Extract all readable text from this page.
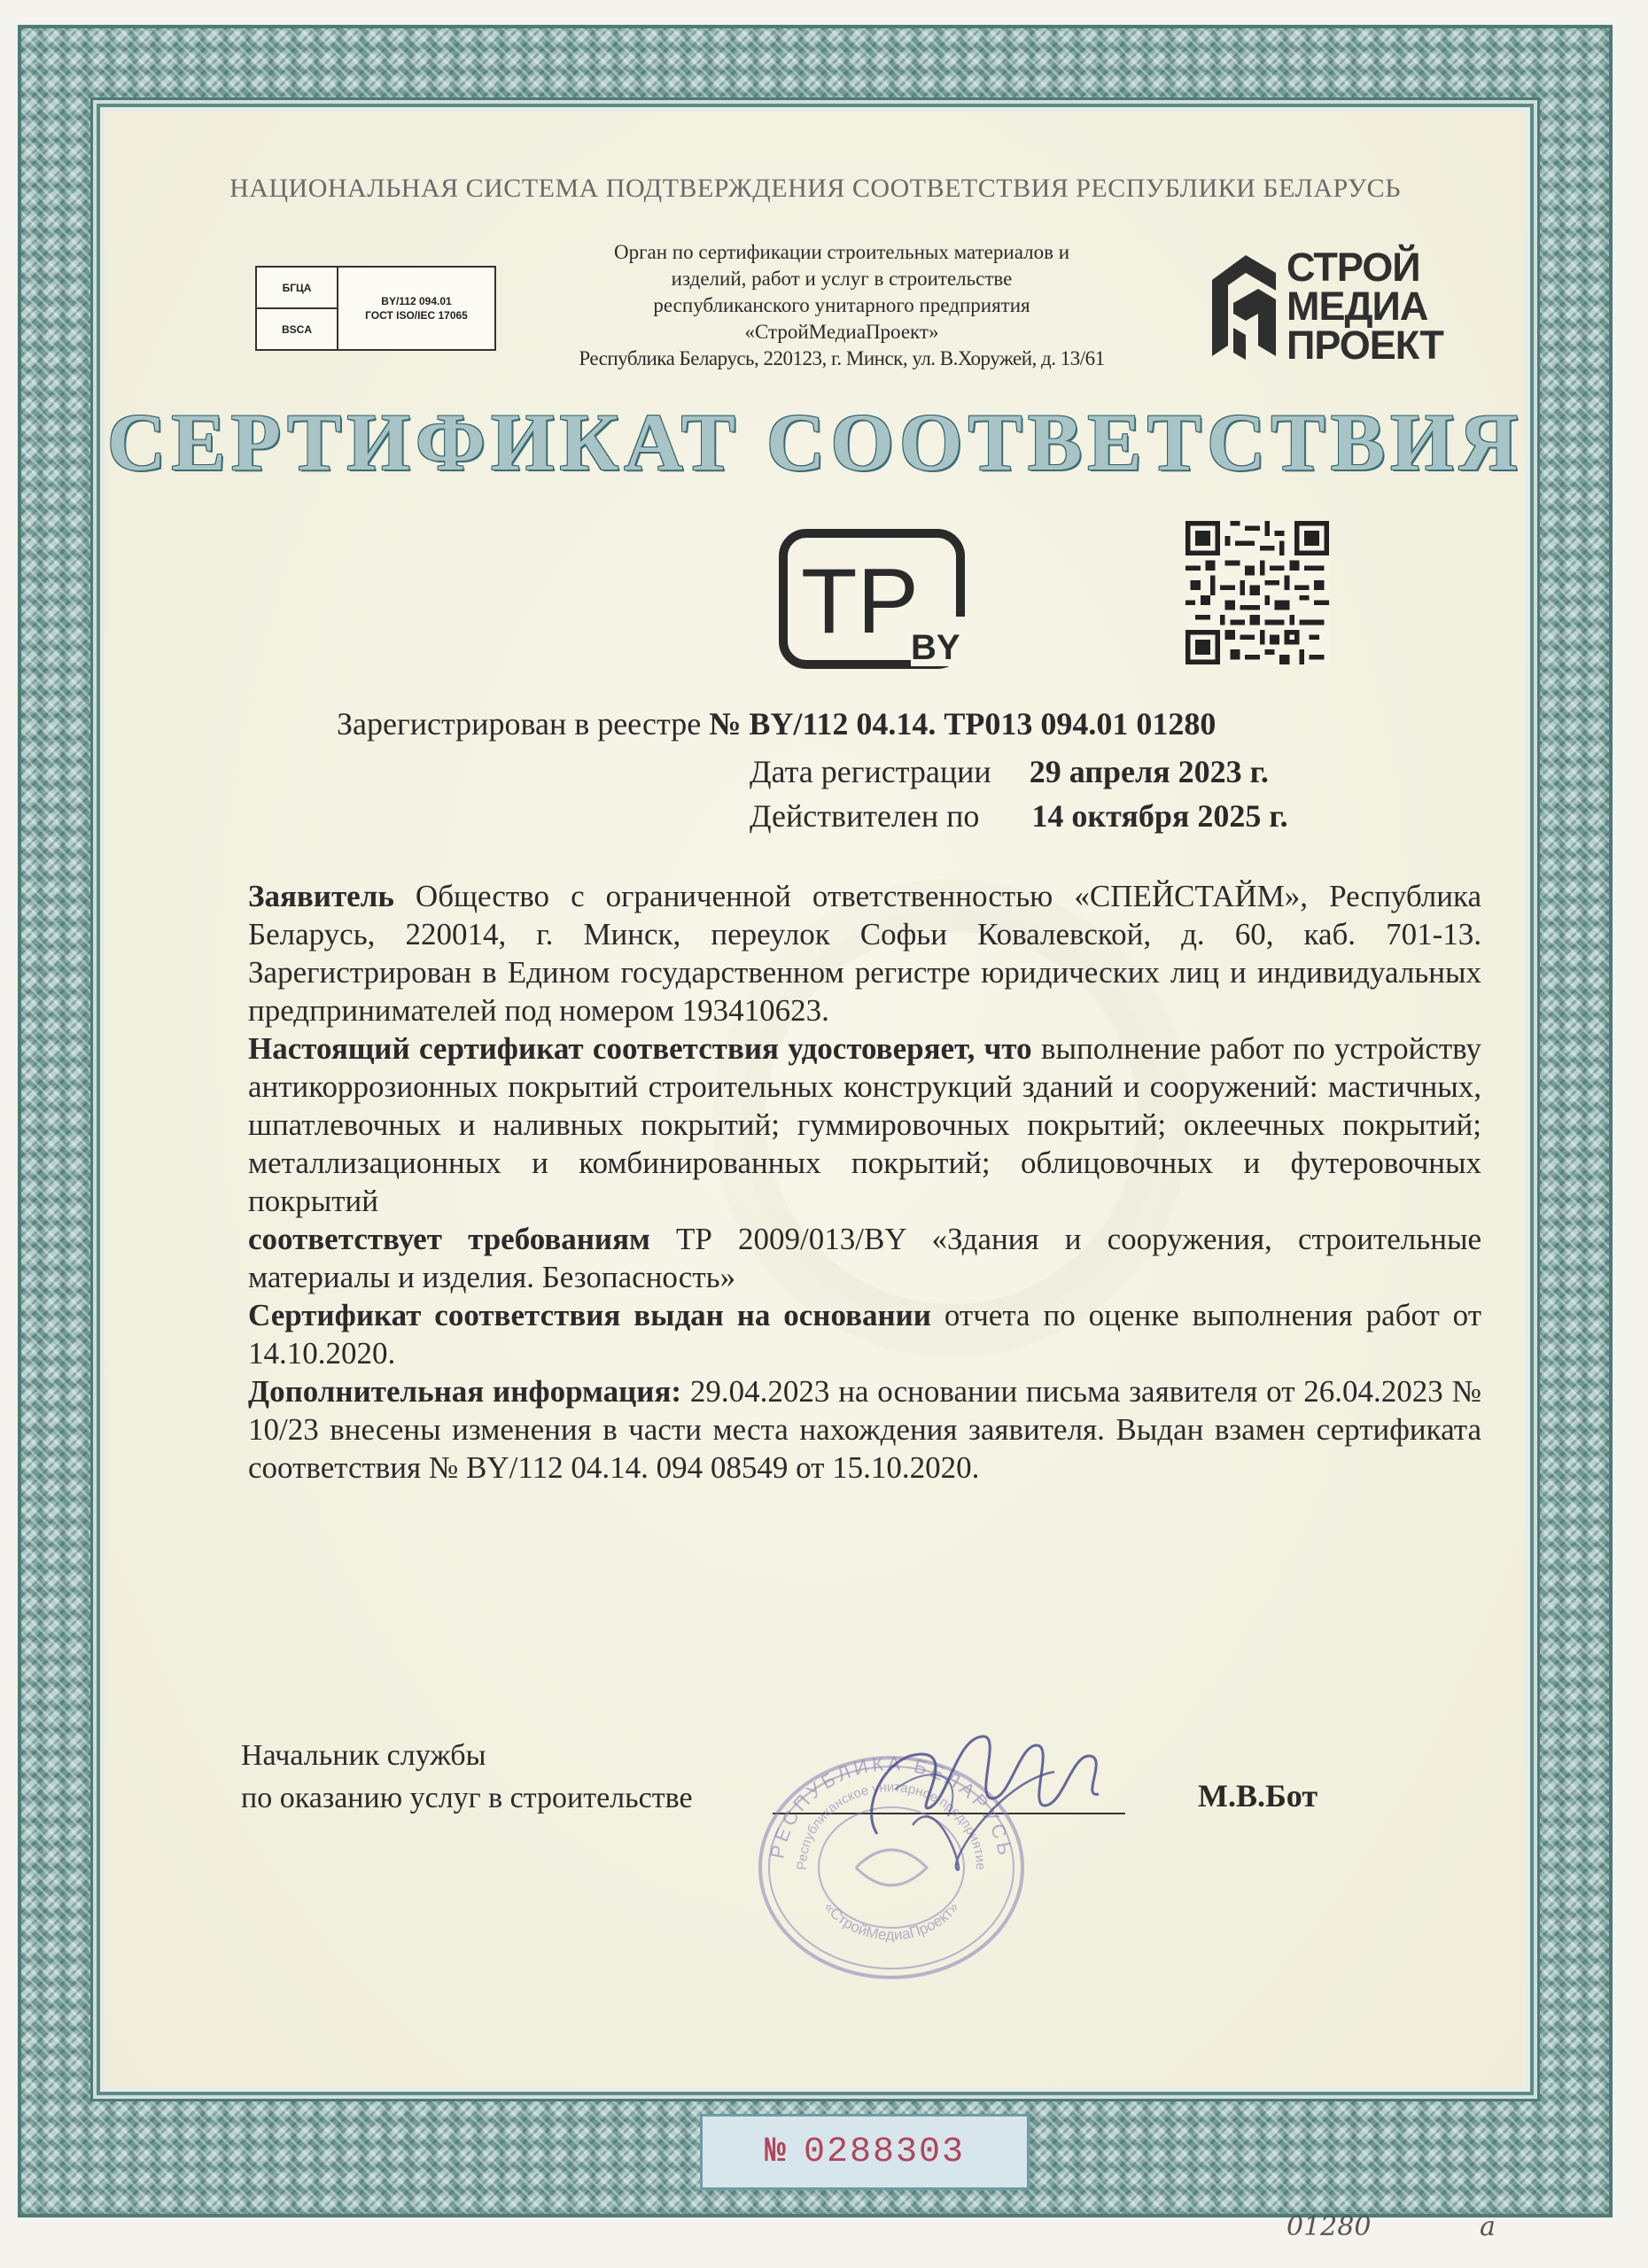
НАЦИОНАЛЬНАЯ СИСТЕМА ПОДТВЕРЖДЕНИЯ СООТВЕТСТВИЯ РЕСПУБЛИКИ БЕЛАРУСЬ
БГЦА
BSCA
BY/112 094.01
ГОСТ ISO/IEC 17065
Орган по сертификации строительных материалов и
изделий, работ и услуг в строительстве
республиканского унитарного предприятия
«СтройМедиаПроект»
Республика Беларусь, 220123, г. Минск, ул. В.Хоружей, д. 13/61
СТРОЙ
МЕДИА
ПРОЕКТ
СЕРТИФИКАТ СООТВЕТСТВИЯ
TP
BY
Зарегистрирован в реестре № BY/112 04.14. ТР013 094.01 01280
Дата регистрации 29 апреля 2023 г.
Действителен по 14 октября 2025 г.

Заявитель Общество с ограниченной ответственностью «СПЕЙСТАЙМ», Республика Беларусь, 220014, г. Минск, переулок Софьи Ковалевской, д. 60, каб. 701-13. Зарегистрирован в Едином государственном регистре юридических лиц и индивидуальных предпринимателей под номером 193410623.

Настоящий сертификат соответствия удостоверяет, что выполнение работ по устройству антикоррозионных покрытий строительных конструкций зданий и сооружений: мастичных, шпатлевочных и наливных покрытий; гуммировочных покрытий; оклеечных покрытий; металлизационных и комбинированных покрытий; облицовочных и футеровочных покрытий

соответствует требованиям ТР 2009/013/BY «Здания и сооружения, строительные материалы и изделия. Безопасность»

Сертификат соответствия выдан на основании отчета по оценке выполнения работ от 14.10.2020.

Дополнительная информация: 29.04.2023 на основании письма заявителя от 26.04.2023 № 10/23 внесены изменения в части места нахождения заявителя. Выдан взамен сертификата соответствия № BY/112 04.14. 094 08549 от 15.10.2020.

Начальник службы
по оказанию услуг в строительстве	М.В.Бот
РЕСПУБЛИКА БЕЛАРУСЬ
Республиканское унитарное предприятие
«СтройМедиаПроект»
№ 0288303
01280	a
